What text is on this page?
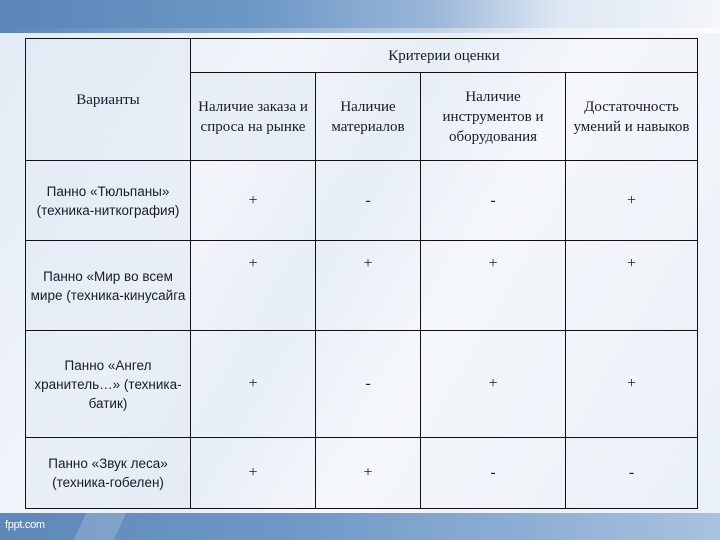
fppt.com
Варианты	Критерии оценки			
	Наличие заказа и спроса на рынке	Наличие материалов	Наличие инструментов и оборудования	Достаточность умений и навыков
Панно «Тюльпаны» (техника-ниткография)	+	-	-	+
Панно «Мир во всем мире (техника-кинусайга	+	+	+	+
Панно «Ангел хранитель…» (техника-батик)	+	-	+	+
Панно «Звук леса» (техника-гобелен)	+	+	-	-
